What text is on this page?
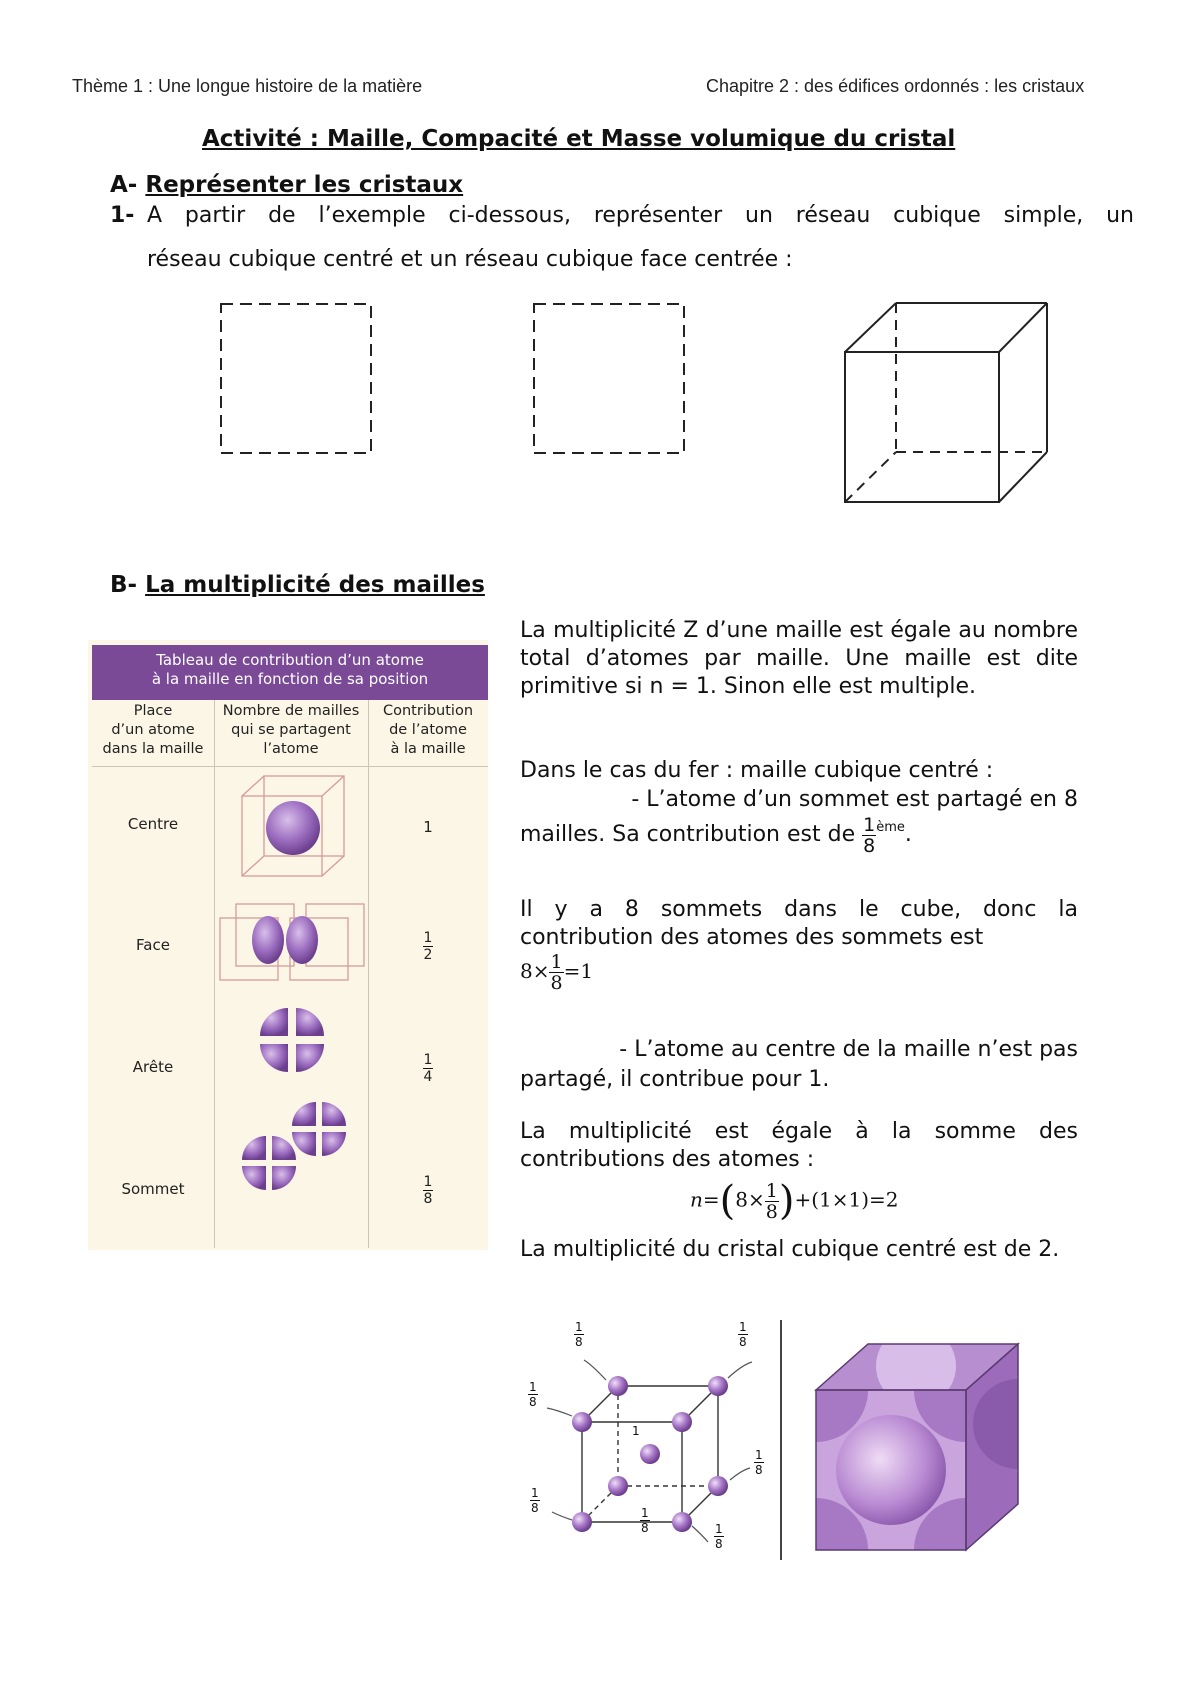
Thème 1 : Une longue histoire de la matière	Chapitre 2 : des édifices ordonnés : les cristaux
Activité : Maille, Compacité et Masse volumique du cristal
A- Représenter les cristaux
1- A partir de l’exemple ci-dessous, représenter un réseau cubique simple, un
réseau cubique centré et un réseau cubique face centrée :
B- La multiplicité des mailles
Tableau de contribution d’un atome
à la maille en fonction de sa position
Place
d’un atome
dans la maille
Nombre de mailles
qui se partagent
l’atome
Contribution
de l’atome
à la maille
Centre
Face
Arête
Sommet
1
$\frac{1}{2}$
$\frac{1}{4}$
$\frac{1}{8}$
La multiplicité Z d’une maille est égale au nombre total d’atomes par maille. Une maille est dite primitive si n = 1. Sinon elle est multiple.
Dans le cas du fer : maille cubique centré :
- L’atome d’un sommet est partagé en 8
mailles. Sa contribution est de $\frac{1}{8} ^{ème}$.
Il y a 8 sommets dans le cube, donc la contribution des atomes des sommets est
$8\times \frac{1}{8} =1$
- L’atome au centre de la maille n’est pas
partagé, il contribue pour 1.
La multiplicité est égale à la somme des contributions des atomes :
$n=(8\times \frac{1}{8} )+(1\times 1)=2$
La multiplicité du cristal cubique centré est de 2.
$\frac{1}{8}$	$\frac{1}{8}$
$\frac{1}{8}$
$\frac{1}{8}$
$\frac{1}{8}$
$\frac{1}{8}$
$\frac{1}{8}$
1
